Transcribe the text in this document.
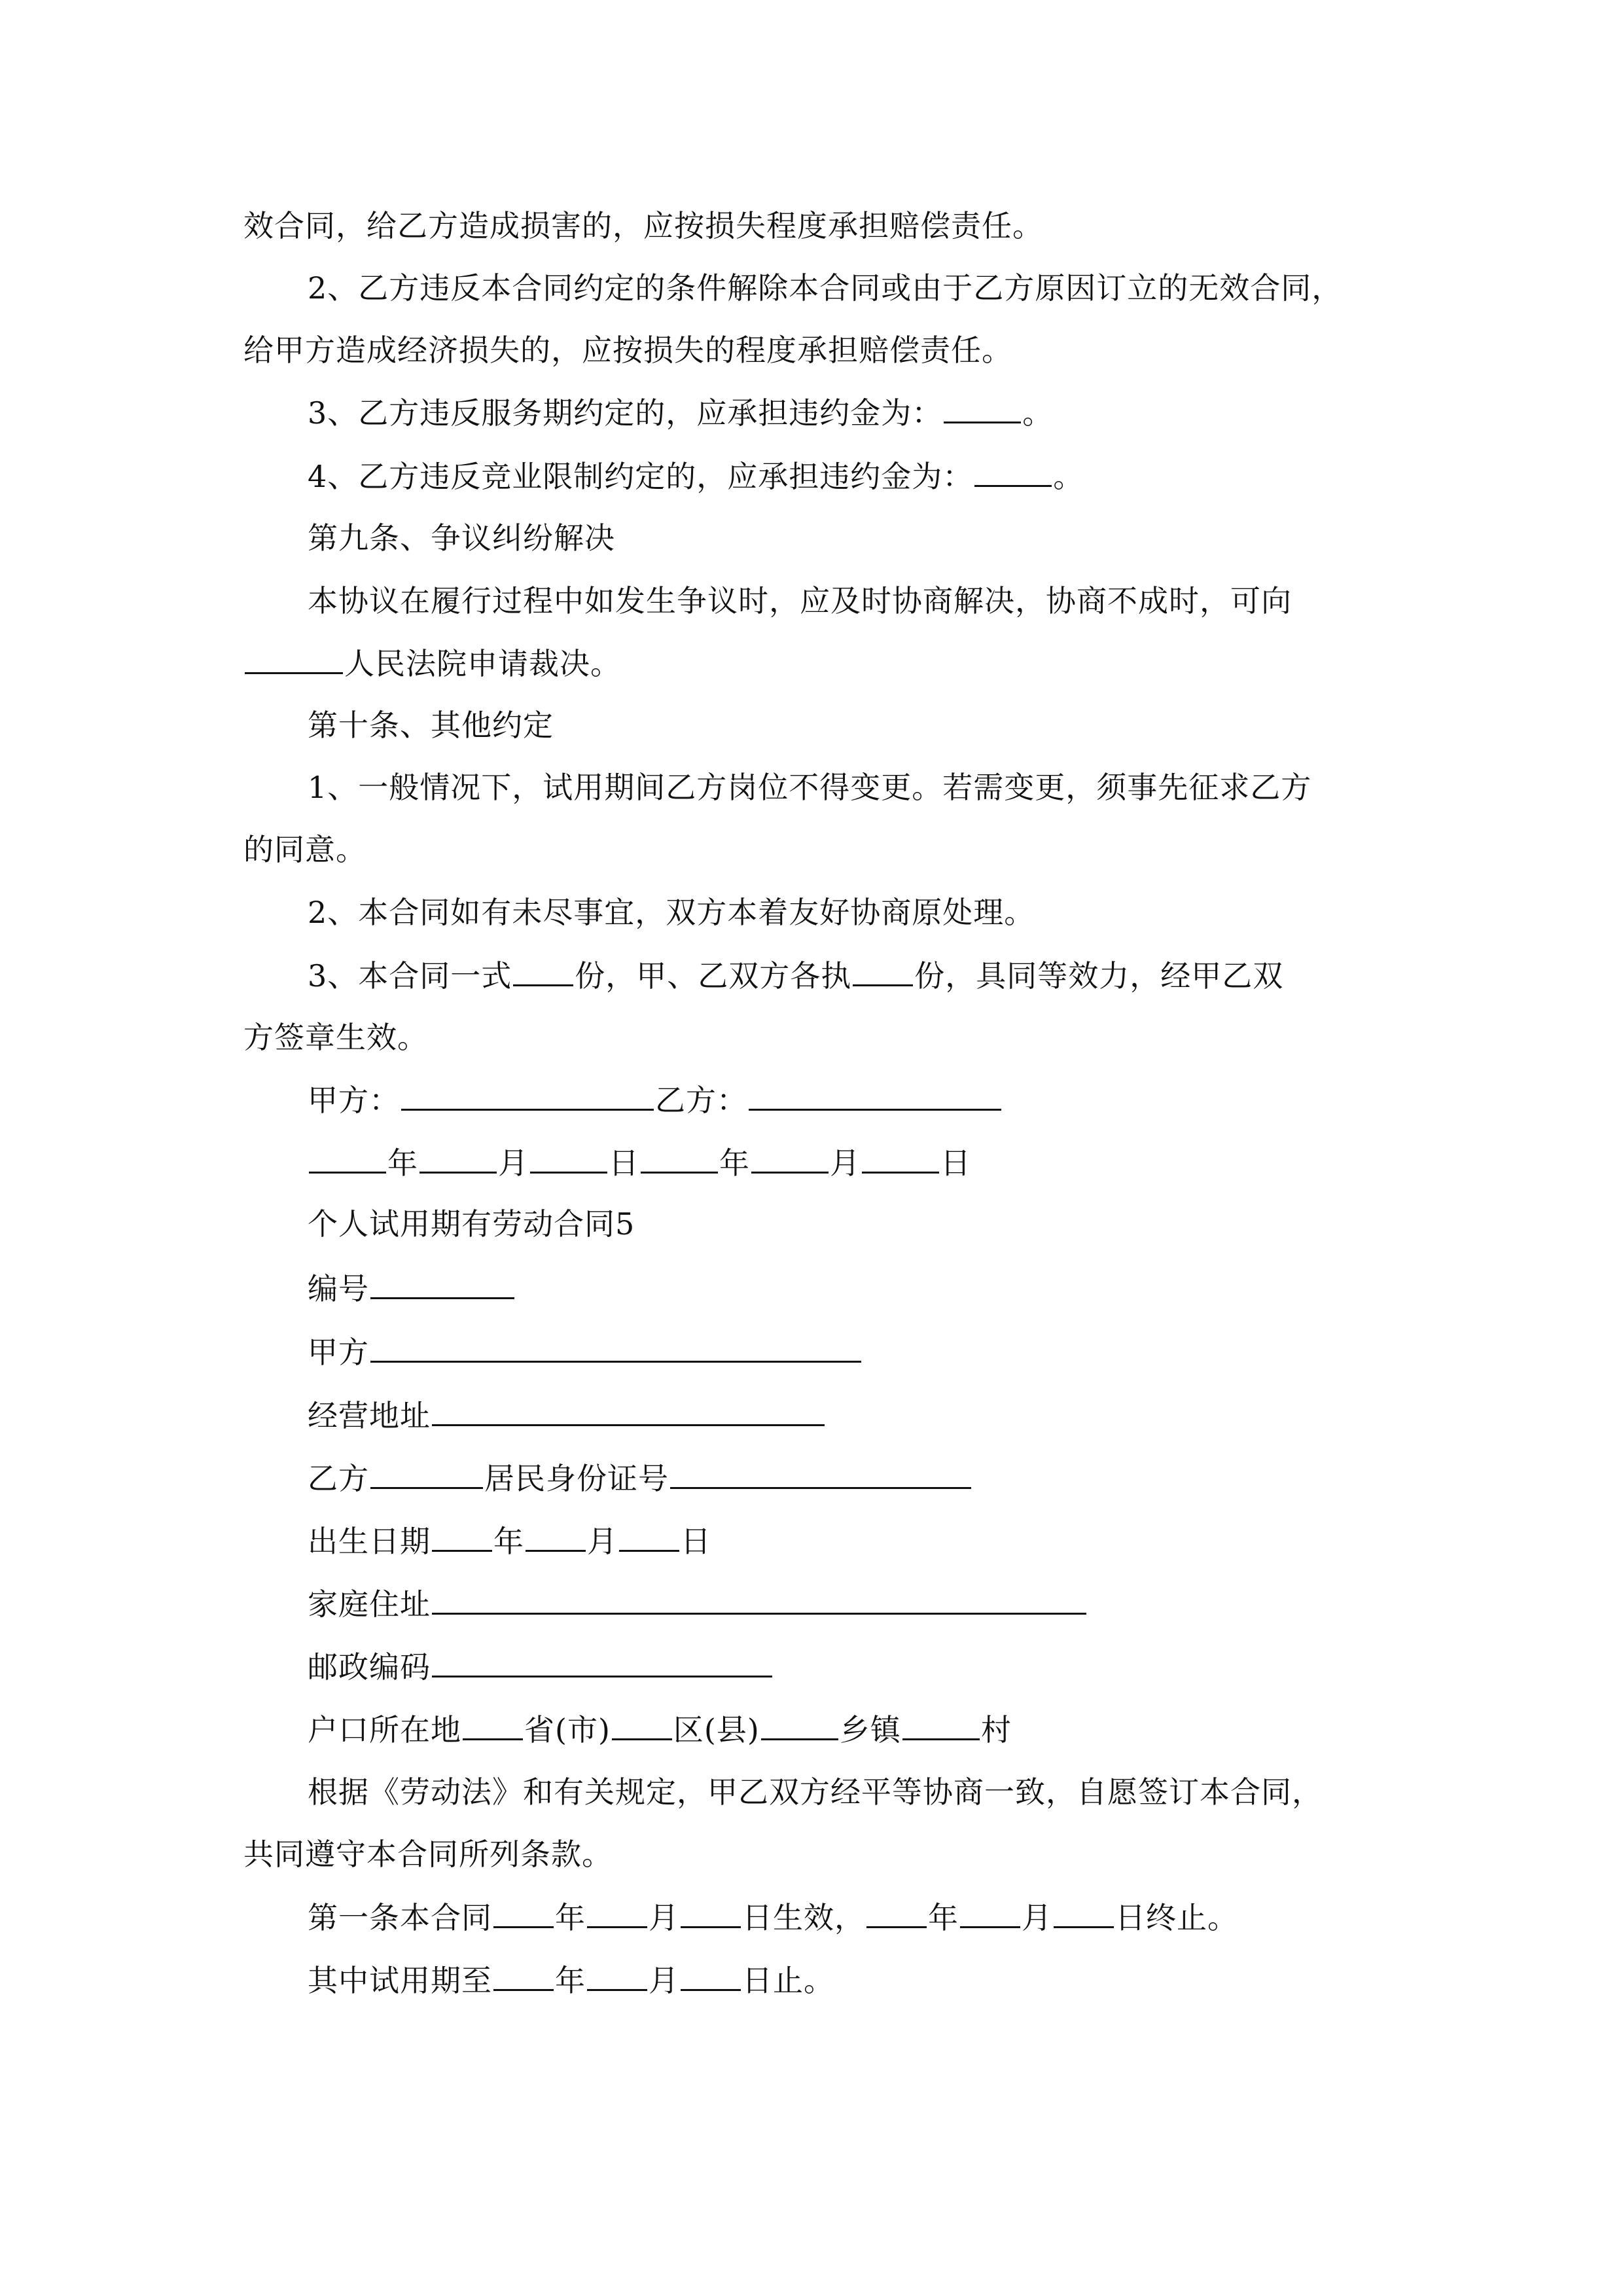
效合同，给乙方造成损害的，应按损失程度承担赔偿责任。
2、乙方违反本合同约定的条件解除本合同或由于乙方原因订立的无效合同，
给甲方造成经济损失的，应按损失的程度承担赔偿责任。
3、乙方违反服务期约定的，应承担违约金为：	。
4、乙方违反竞业限制约定的，应承担违约金为：	。
第九条、争议纠纷解决
本协议在履行过程中如发生争议时，应及时协商解决，协商不成时，可向
人民法院申请裁决。
第十条、其他约定
1、一般情况下，试用期间乙方岗位不得变更。若需变更，须事先征求乙方
的同意。
2、本合同如有未尽事宜，双方本着友好协商原处理。
3、本合同一式 份，甲、乙双方各执 份，具同等效力，经甲乙双
方签章生效。
甲方：	乙方：
年	月	日	年	月	日
个人试用期有劳动合同5
编号
甲方
经营地址
乙方	居民身份证号
出生日期 年 月 日
家庭住址
邮政编码
户口所在地 省(市) 区(县)	乡镇	村
根据《劳动法》和有关规定，甲乙双方经平等协商一致，自愿签订本合同，
共同遵守本合同所列条款。
第一条本合同 年 月 日生效， 年 月 日终止。
其中试用期至 年 月 日止。
